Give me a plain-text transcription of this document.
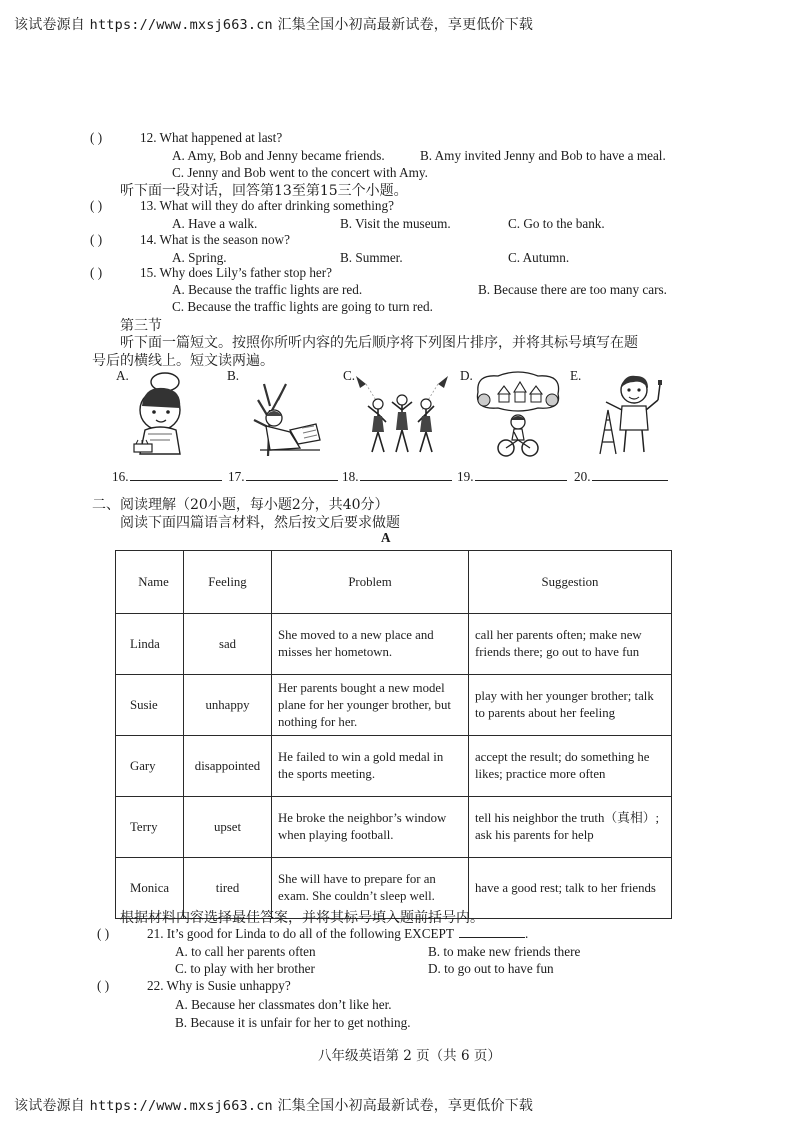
该试卷源自 https://www.mxsj663.cn 汇集全国小初高最新试卷，享更低价下载
( )	12. What happened at last?
A. Amy, Bob and Jenny became friends.	B. Amy invited Jenny and Bob to have a meal.
C. Jenny and Bob went to the concert with Amy.
听下面一段对话，回答第13至第15三个小题。
( )	13. What will they do after drinking something?
A. Have a walk.	B. Visit the museum.	C. Go to the bank.
( )	14. What is the season now?
A. Spring.	B. Summer.	C. Autumn.
( )	15. Why does Lily’s father stop her?
A. Because the traffic lights are red.	B. Because there are too many cars.
C. Because the traffic lights are going to turn red.
第三节
听下面一篇短文。按照你所听内容的先后顺序将下列图片排序，并将其标号填写在题
号后的横线上。短文读两遍。
A.	B.	C.	D.	E.
16.	17.	18.	19.	20.
二、阅读理解（20小题，每小题2分，共40分）
阅读下面四篇语言材料，然后按文后要求做题
A
Name	Feeling	Problem	Suggestion
Linda	sad	She moved to a new place and misses her hometown.	call her parents often; make new friends there; go out to have fun
Susie	unhappy	Her parents bought a new model plane for her younger brother, but nothing for her.	play with her younger brother; talk to parents about her feeling
Gary	disappointed	He failed to win a gold medal in the sports meeting.	accept the result; do something he likes; practice more often
Terry	upset	He broke the neighbor’s window when playing football.	tell his neighbor the truth（真相）; ask his parents for help
Monica	tired	She will have to prepare for an exam. She couldn’t sleep well.	have a good rest; talk to her friends
根据材料内容选择最佳答案，并将其标号填入题前括号内。
( )	21. It’s good for Linda to do all of the following EXCEPT	.
A. to call her parents often	B. to make new friends there
C. to play with her brother	D. to go out to have fun
( )	22. Why is Susie unhappy?
A. Because her classmates don’t like her.
B. Because it is unfair for her to get nothing.
八年级英语第 2 页（共 6 页）
该试卷源自 https://www.mxsj663.cn 汇集全国小初高最新试卷，享更低价下载
